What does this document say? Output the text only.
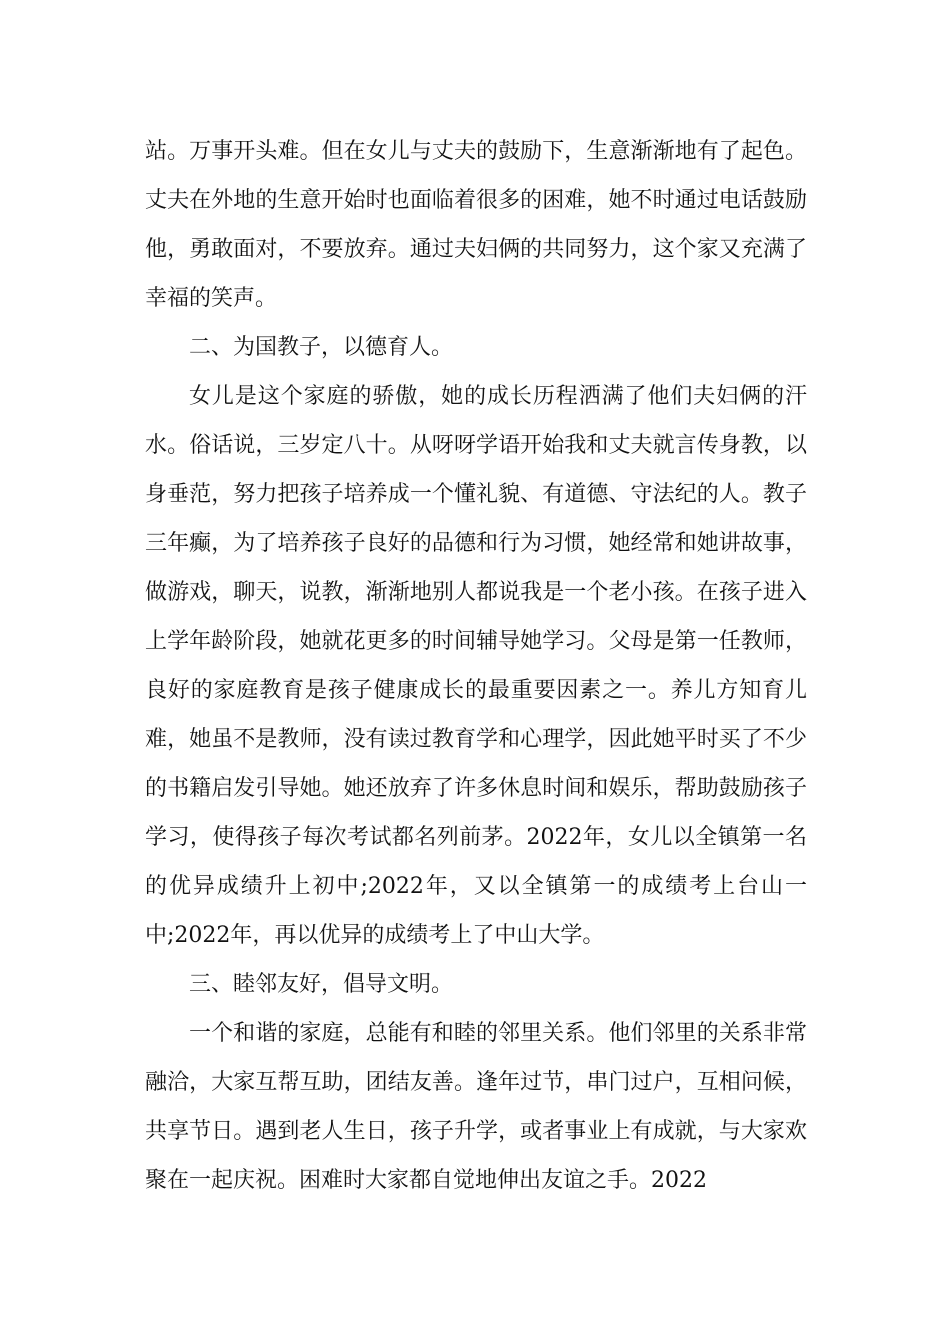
站。万事开头难。但在女儿与丈夫的鼓励下，生意渐渐地有了起色。丈夫在外地的生意开始时也面临着很多的困难，她不时通过电话鼓励他，勇敢面对，不要放弃。通过夫妇俩的共同努力，这个家又充满了幸福的笑声。

二、为国教子，以德育人。

女儿是这个家庭的骄傲，她的成长历程洒满了他们夫妇俩的汗水。俗话说，三岁定八十。从呀呀学语开始我和丈夫就言传身教，以身垂范，努力把孩子培养成一个懂礼貌、有道德、守法纪的人。教子三年癫，为了培养孩子良好的品德和行为习惯，她经常和她讲故事，做游戏，聊天，说教，渐渐地别人都说我是一个老小孩。在孩子进入上学年龄阶段，她就花更多的时间辅导她学习。父母是第一任教师，良好的家庭教育是孩子健康成长的最重要因素之一。养儿方知育儿难，她虽不是教师，没有读过教育学和心理学，因此她平时买了不少的书籍启发引导她。她还放弃了许多休息时间和娱乐，帮助鼓励孩子学习，使得孩子每次考试都名列前茅。2022年，女儿以全镇第一名的优异成绩升上初中;2022年，又以全镇第一的成绩考上台山一中;2022年，再以优异的成绩考上了中山大学。

三、睦邻友好，倡导文明。

一个和谐的家庭，总能有和睦的邻里关系。他们邻里的关系非常融洽，大家互帮互助，团结友善。逢年过节，串门过户，互相问候，共享节日。遇到老人生日，孩子升学，或者事业上有成就，与大家欢聚在一起庆祝。困难时大家都自觉地伸出友谊之手。2022
